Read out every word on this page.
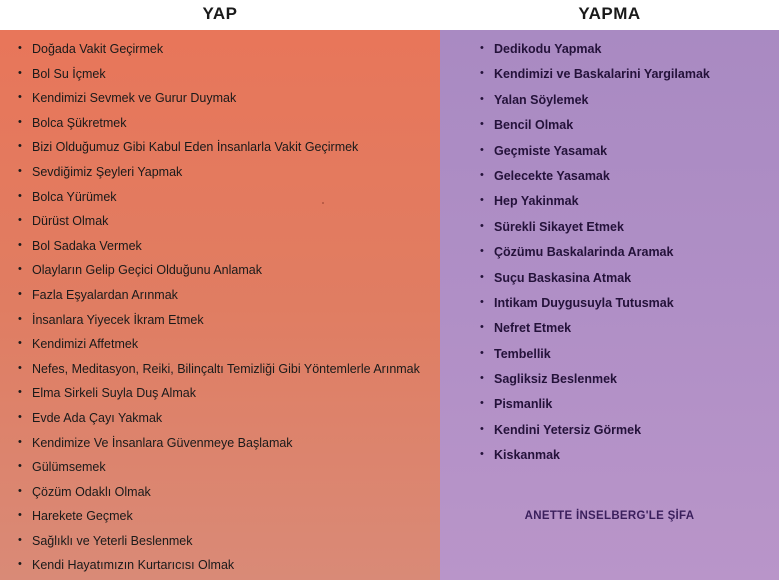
YAP	YAPMA
• Doğada Vakit Geçirmek
• Bol Su İçmek
• Kendimizi Sevmek ve Gurur Duymak
• Bolca Şükretmek
• Bizi Olduğumuz Gibi Kabul Eden İnsanlarla Vakit Geçirmek
• Sevdiğimiz Şeyleri Yapmak
• Bolca Yürümek
• Dürüst Olmak
• Bol Sadaka Vermek
• Olayların Gelip Geçici Olduğunu Anlamak
• Fazla Eşyalardan Arınmak
• İnsanlara Yiyecek İkram Etmek
• Kendimizi Affetmek
• Nefes, Meditasyon, Reiki, Bilinçaltı Temizliği Gibi Yöntemlerle Arınmak
• Elma Sirkeli Suyla Duş Almak
• Evde Ada Çayı Yakmak
• Kendimize Ve İnsanlara Güvenmeye Başlamak
• Gülümsemek
• Çözüm Odaklı Olmak
• Harekete Geçmek
• Sağlıklı ve Yeterli Beslenmek
• Kendi Hayatımızın Kurtarıcısı Olmak
• Dedikodu Yapmak
• Kendimizi ve Baskalarini Yargilamak
• Yalan Söylemek
• Bencil Olmak
• Geçmiste Yasamak
• Gelecekte Yasamak
• Hep Yakinmak
• Sürekli Sikayet Etmek
• Çözümu Baskalarinda Aramak
• Suçu Baskasina Atmak
• Intikam Duygusuyla Tutusmak
• Nefret Etmek
• Tembellik
• Sagliksiz Beslenmek
• Pismanlik
• Kendini Yetersiz Görmek
• Kiskanmak
ANETTE İNSELBERG'LE ŞİFA
